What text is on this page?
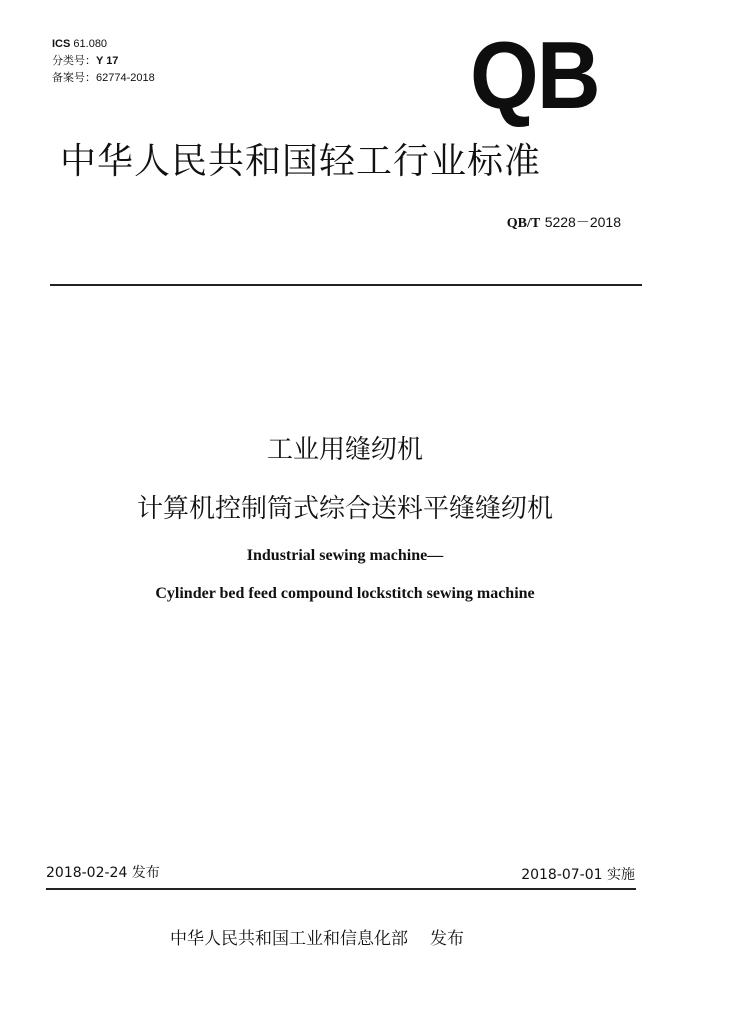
ICS 61.080
分类号：Y 17
备案号：62774-2018	QB
中华人民共和国轻工行业标准
QB/T 5228－2018
工业用缝纫机
计算机控制筒式综合送料平缝缝纫机
Industrial sewing machine—
Cylinder bed feed compound lockstitch sewing machine
2018-02-24 发布	2018-07-01 实施
中华人民共和国工业和信息化部 发布
